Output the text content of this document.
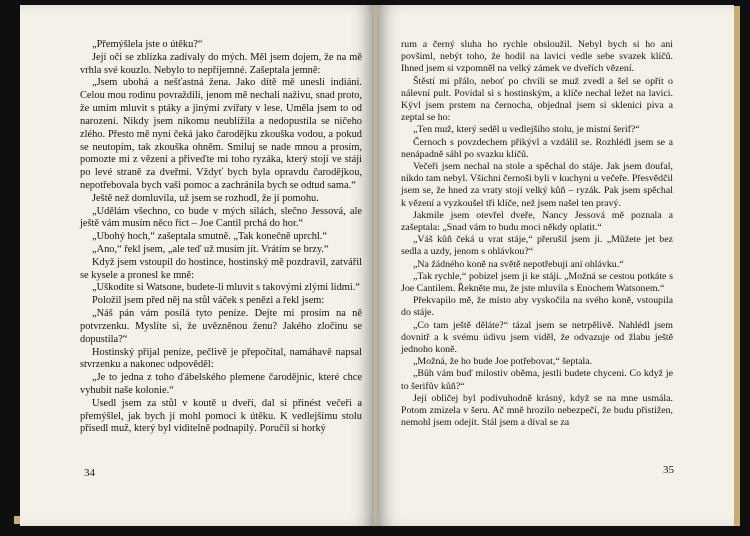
„Přemýšlela jste o útěku?“

Její oči se zblízka zadívaly do mých. Měl jsem dojem, že na mě vrhla své kouzlo. Nebylo to nepříjemné. Zašeptala jemně:

„Jsem ubohá a nešťastná žena. Jako dítě mě unesli indiáni. Celou mou rodinu povraždili, jenom mě nechali naživu, snad proto, že umím mluvit s ptáky a jinými zvířaty v lese. Uměla jsem to od narození. Nikdy jsem nikomu neublížila a nedopustila se ničeho zlého. Přesto mě nyní čeká jako čarodějku zkouška vodou, a pokud se neutopím, tak zkouška ohněm. Smiluj se nade mnou a prosím, pomozte mi z vězení a přiveďte mi toho ryzáka, který stojí ve stáji po levé straně za dveřmi. Vždyť bych byla opravdu čarodějkou, nepotřebovala bych vaši pomoc a zachránila bych se odtud sama.“

Ještě než domluvila, už jsem se rozhodl, že jí pomohu.

„Udělám všechno, co bude v mých silách, slečno Jessová, ale ještě vám musím něco říct – Joe Cantil prchá do hor.“

„Ubohý hoch,“ zašeptala smutně. „Tak konečně uprchl.“

„Ano,“ řekl jsem, „ale teď už musím jít. Vrátím se brzy.“

Když jsem vstoupil do hostince, hostinský mě pozdravil, zatvářil se kysele a pronesl ke mně:

„Uškodíte si Watsone, budete-li mluvit s takovými zlými lidmi.“

Položil jsem před něj na stůl váček s penězi a řekl jsem:

„Náš pán vám posílá tyto peníze. Dejte mi prosím na ně potvrzenku. Myslíte si, že uvězněnou ženu? Jakého zločinu se dopustila?“

Hostinský přijal peníze, pečlivě je přepočítal, namáhavě napsal stvrzenku a nakonec odpověděl:

„Je to jedna z toho ďábelského plemene čarodějnic, které chce vyhubit naše kolonie.“

Usedl jsem za stůl v koutě u dveří, dal si přinést večeři a přemýšlel, jak bych jí mohl pomoci k útěku. K vedlejšímu stolu přisedl muž, který byl viditelně podnapilý. Poručil si horký

34

rum a černý sluha ho rychle obsloužil. Nebyl bych si ho ani povšiml, nebýt toho, že hodil na lavici vedle sebe svazek klíčů. Ihned jsem si vzpomněl na velký zámek ve dveřích vězení.

Štěstí mi přálo, neboť po chvíli se muž zvedl a šel se opřít o nálevní pult. Povídal si s hostinským, a klíče nechal ležet na lavici. Kývl jsem prstem na černocha, objednal jsem si sklenici piva a zeptal se ho:

„Ten muž, který seděl u vedlejšího stolu, je místní šerif?“

Černoch s povzdechem přikývl a vzdálil se. Rozhlédl jsem se a nenápadně sáhl po svazku klíčů.

Večeři jsem nechal na stole a spěchal do stáje. Jak jsem doufal, nikdo tam nebyl. Všichni černoši byli v kuchyni u večeře. Přesvědčil jsem se, že hned za vraty stojí velký kůň – ryzák. Pak jsem spěchal k vězení a vyzkoušel tři klíče, než jsem našel ten pravý.

Jakmile jsem otevřel dveře, Nancy Jessová mě poznala a zašeptala: „Snad vám to budu moci někdy oplatit.“

„Váš kůň čeká u vrat stáje,“ přerušil jsem ji. „Můžete jet bez sedla a uzdy, jenom s ohlávkou?“

„Na žádného koně na světě nepotřebuji ani ohlávku.“

„Tak rychle,“ pobízel jsem ji ke stáji. „Možná se cestou potkáte s Joe Cantilem. Řekněte mu, že jste mluvila s Enochem Watsonem.“

Překvapilo mě, že místo aby vyskočila na svého koně, vstoupila do stáje.

„Co tam ještě děláte?“ tázal jsem se netrpělivě. Nahlédl jsem dovnitř a k svému údivu jsem viděl, že odvazuje od žlabu ještě jednoho koně.

„Možná, že ho bude Joe potřebovat,“ šeptala.

„Bůh vám buď milostiv oběma, jestli budete chyceni. Co když je to šerifův kůň?“

Její obličej byl podivuhodně krásný, když se na mne usmála. Potom zmizela v šeru. Ač mně hrozilo nebezpečí, že budu přistižen, nemohl jsem odejít. Stál jsem a díval se za

35
